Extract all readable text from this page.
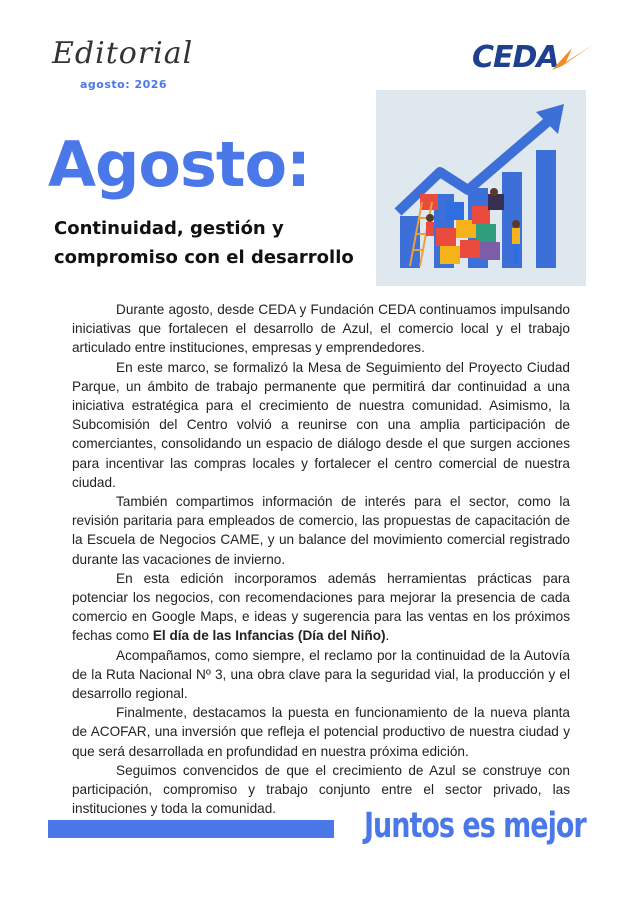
Editorial
agosto: 2026
CEDA
Agosto:
Continuidad, gestión y compromiso con el desarrollo

Durante agosto, desde CEDA y Fundación CEDA continuamos impulsando iniciativas que fortalecen el desarrollo de Azul, el comercio local y el trabajo articulado entre instituciones, empresas y emprendedores.

En este marco, se formalizó la Mesa de Seguimiento del Proyecto Ciudad Parque, un ámbito de trabajo permanente que permitirá dar continuidad a una iniciativa estratégica para el crecimiento de nuestra comunidad. Asimismo, la Subcomisión del Centro volvió a reunirse con una amplia participación de comerciantes, consolidando un espacio de diálogo desde el que surgen acciones para incentivar las compras locales y fortalecer el centro comercial de nuestra ciudad.

También compartimos información de interés para el sector, como la revisión paritaria para empleados de comercio, las propuestas de capacitación de la Escuela de Negocios CAME, y un balance del movimiento comercial registrado durante las vacaciones de invierno.

En esta edición incorporamos además herramientas prácticas para potenciar los negocios, con recomendaciones para mejorar la presencia de cada comercio en Google Maps, e ideas y sugerencia para las ventas en los próximos fechas como El día de las Infancias (Día del Niño).

Acompañamos, como siempre, el reclamo por la continuidad de la Autovía de la Ruta Nacional Nº 3, una obra clave para la seguridad vial, la producción y el desarrollo regional.

Finalmente, destacamos la puesta en funcionamiento de la nueva planta de ACOFAR, una inversión que refleja el potencial productivo de nuestra ciudad y que será desarrollada en profundidad en nuestra próxima edición.

Seguimos convencidos de que el crecimiento de Azul se construye con participación, compromiso y trabajo conjunto entre el sector privado, las instituciones y toda la comunidad.	Juntos es mejor
